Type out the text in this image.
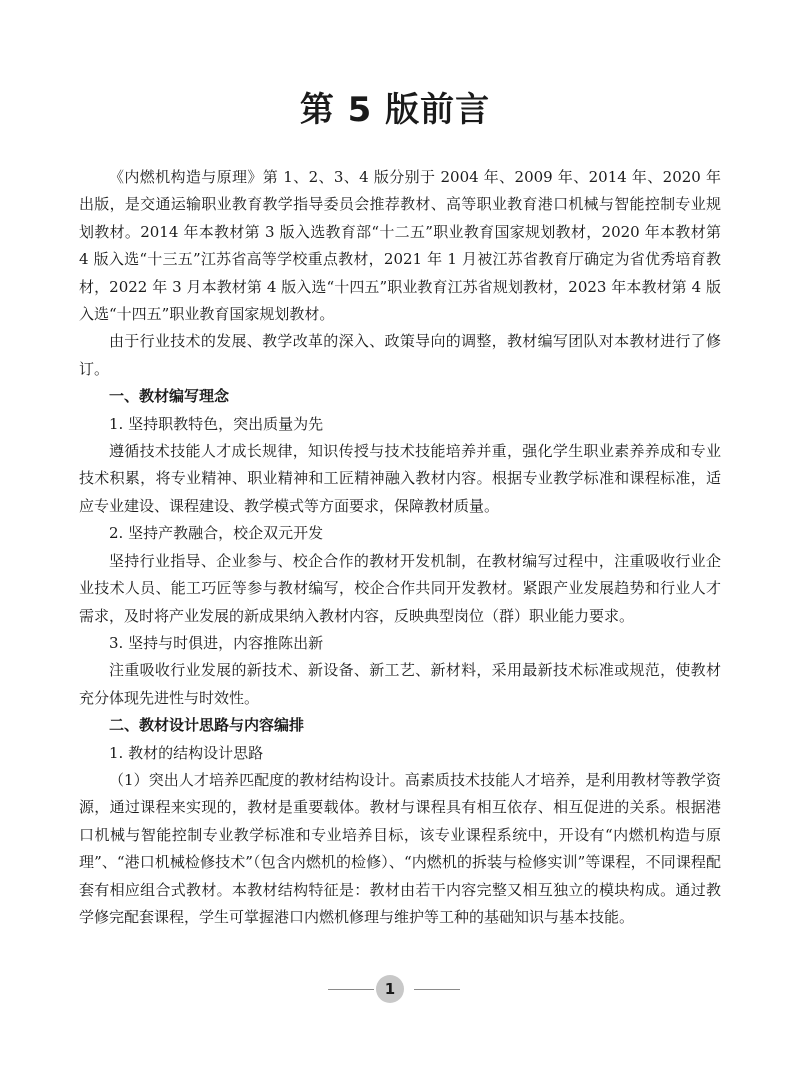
第 5 版前言

《内燃机构造与原理》第 1、2、3、4 版分别于 2004 年、2009 年、2014 年、2020 年出版，是交通运输职业教育教学指导委员会推荐教材、高等职业教育港口机械与智能控制专业规划教材。2014 年本教材第 3 版入选教育部“十二五”职业教育国家规划教材，2020 年本教材第 4 版入选“十三五”江苏省高等学校重点教材，2021 年 1 月被江苏省教育厅确定为省优秀培育教材，2022 年 3 月本教材第 4 版入选“十四五”职业教育江苏省规划教材，2023 年本教材第 4 版入选“十四五”职业教育国家规划教材。

由于行业技术的发展、教学改革的深入、政策导向的调整，教材编写团队对本教材进行了修订。

一、教材编写理念

1. 坚持职教特色，突出质量为先

遵循技术技能人才成长规律，知识传授与技术技能培养并重，强化学生职业素养养成和专业技术积累，将专业精神、职业精神和工匠精神融入教材内容。根据专业教学标准和课程标准，适应专业建设、课程建设、教学模式等方面要求，保障教材质量。

2. 坚持产教融合，校企双元开发

坚持行业指导、企业参与、校企合作的教材开发机制，在教材编写过程中，注重吸收行业企业技术人员、能工巧匠等参与教材编写，校企合作共同开发教材。紧跟产业发展趋势和行业人才需求，及时将产业发展的新成果纳入教材内容，反映典型岗位（群）职业能力要求。

3. 坚持与时俱进，内容推陈出新

注重吸收行业发展的新技术、新设备、新工艺、新材料，采用最新技术标准或规范，使教材充分体现先进性与时效性。

二、教材设计思路与内容编排

1. 教材的结构设计思路

（1）突出人才培养匹配度的教材结构设计。高素质技术技能人才培养，是利用教材等教学资源，通过课程来实现的，教材是重要载体。教材与课程具有相互依存、相互促进的关系。根据港口机械与智能控制专业教学标准和专业培养目标，该专业课程系统中，开设有“内燃机构造与原理”、“港口机械检修技术”（包含内燃机的检修）、“内燃机的拆装与检修实训”等课程，不同课程配套有相应组合式教材。本教材结构特征是：教材由若干内容完整又相互独立的模块构成。通过教学修完配套课程，学生可掌握港口内燃机修理与维护等工种的基础知识与基本技能。

1
